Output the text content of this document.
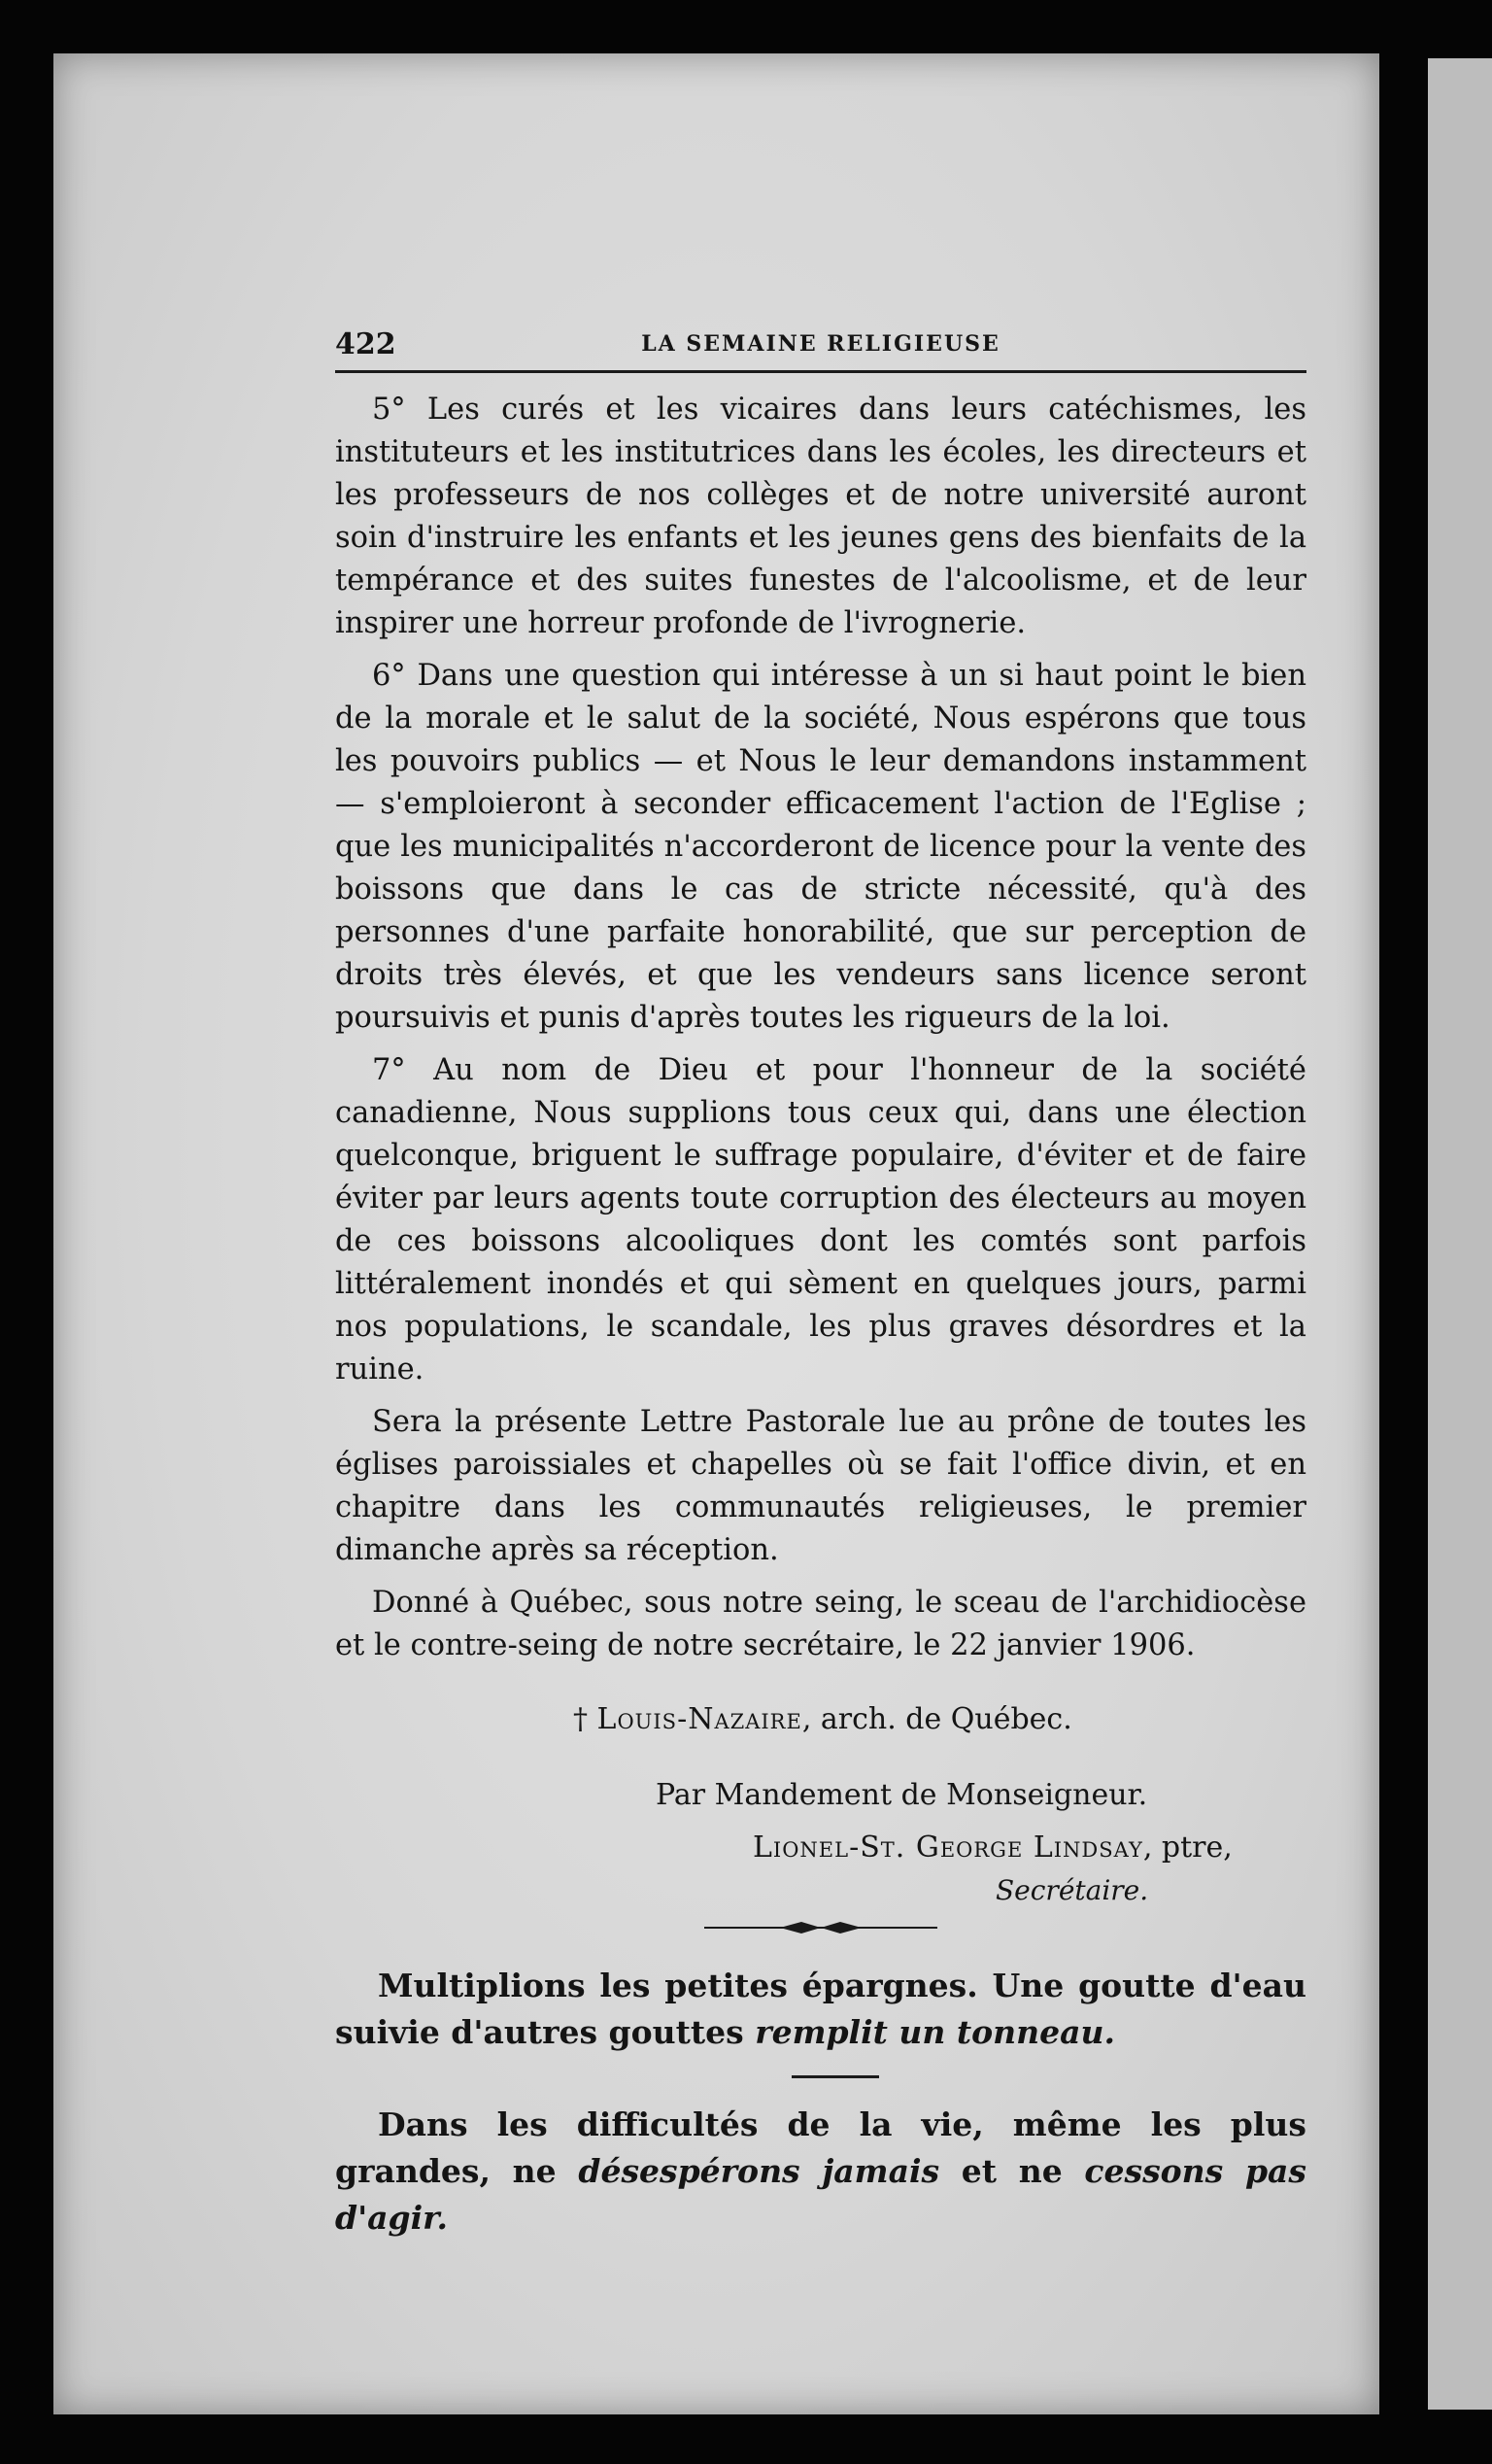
422	LA SEMAINE RELIGIEUSE

5° Les curés et les vicaires dans leurs catéchismes, les instituteurs et les institutrices dans les écoles, les directeurs et les professeurs de nos collèges et de notre université auront soin d'instruire les enfants et les jeunes gens des bienfaits de la tempérance et des suites funestes de l'alcoolisme, et de leur inspirer une horreur profonde de l'ivrognerie.

6° Dans une question qui intéresse à un si haut point le bien de la morale et le salut de la société, Nous espérons que tous les pouvoirs publics — et Nous le leur demandons instamment — s'emploieront à seconder efficacement l'action de l'Eglise ; que les municipalités n'accorderont de licence pour la vente des boissons que dans le cas de stricte nécessité, qu'à des personnes d'une parfaite honorabilité, que sur perception de droits très élevés, et que les vendeurs sans licence seront poursuivis et punis d'après toutes les rigueurs de la loi.

7° Au nom de Dieu et pour l'honneur de la société canadienne, Nous supplions tous ceux qui, dans une élection quelconque, briguent le suffrage populaire, d'éviter et de faire éviter par leurs agents toute corruption des électeurs au moyen de ces boissons alcooliques dont les comtés sont parfois littéralement inondés et qui sèment en quelques jours, parmi nos populations, le scandale, les plus graves désordres et la ruine.

Sera la présente Lettre Pastorale lue au prône de toutes les églises paroissiales et chapelles où se fait l'office divin, et en chapitre dans les communautés religieuses, le premier dimanche après sa réception.

Donné à Québec, sous notre seing, le sceau de l'archidiocèse et le contre-seing de notre secrétaire, le 22 janvier 1906.

† Louis-Nazaire, arch. de Québec.

Par Mandement de Monseigneur.

Lionel-St. George Lindsay, ptre,

Secrétaire.

Multiplions les petites épargnes. Une goutte d'eau suivie d'autres gouttes remplit un tonneau.

Dans les difficultés de la vie, même les plus grandes, ne désespérons jamais et ne cessons pas d'agir.
